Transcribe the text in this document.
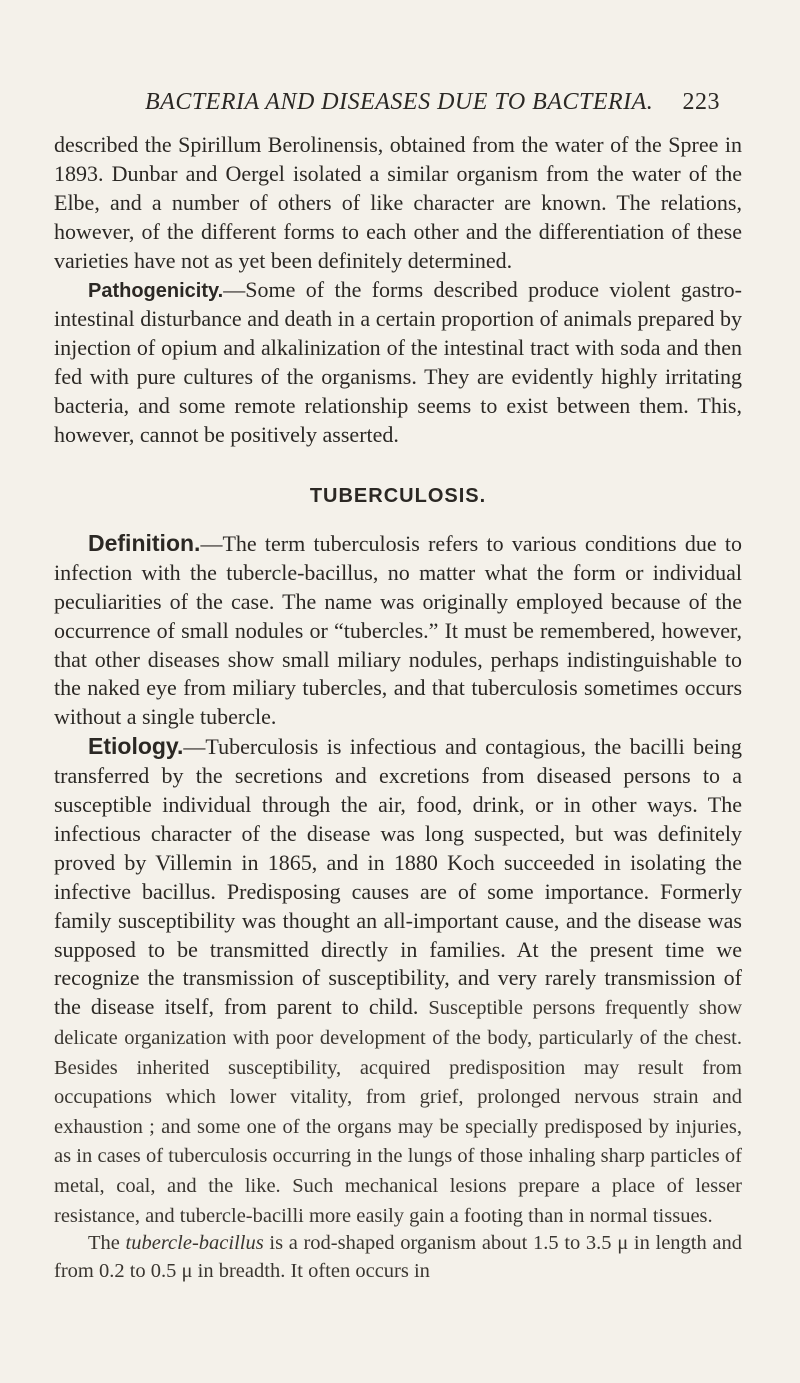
BACTERIA AND DISEASES DUE TO BACTERIA. 223

described the Spirillum Berolinensis, obtained from the water of the Spree in 1893. Dunbar and Oergel isolated a similar organism from the water of the Elbe, and a number of others of like character are known. The relations, however, of the different forms to each other and the differentiation of these varieties have not as yet been definitely determined.

Pathogenicity.—Some of the forms described produce violent gastro-intestinal disturbance and death in a certain proportion of animals prepared by injection of opium and alkalinization of the intestinal tract with soda and then fed with pure cultures of the organisms. They are evidently highly irritating bacteria, and some remote relationship seems to exist between them. This, however, cannot be positively asserted.

TUBERCULOSIS.

Definition.—The term tuberculosis refers to various conditions due to infection with the tubercle-bacillus, no matter what the form or individual peculiarities of the case. The name was originally employed because of the occurrence of small nodules or “tubercles.” It must be remembered, however, that other diseases show small miliary nodules, perhaps indistinguishable to the naked eye from miliary tubercles, and that tuberculosis sometimes occurs without a single tubercle.

Etiology.—Tuberculosis is infectious and contagious, the bacilli being transferred by the secretions and excretions from diseased persons to a susceptible individual through the air, food, drink, or in other ways. The infectious character of the disease was long suspected, but was definitely proved by Villemin in 1865, and in 1880 Koch succeeded in isolating the infective bacillus. Predisposing causes are of some importance. Formerly family susceptibility was thought an all-important cause, and the disease was supposed to be transmitted directly in families. At the present time we recognize the transmission of susceptibility, and very rarely transmission of the disease itself, from parent to child. Susceptible persons frequently show delicate organization with poor development of the body, particularly of the chest. Besides inherited susceptibility, acquired predisposition may result from occupations which lower vitality, from grief, prolonged nervous strain and exhaustion ; and some one of the organs may be specially predisposed by injuries, as in cases of tuberculosis occurring in the lungs of those inhaling sharp particles of metal, coal, and the like. Such mechanical lesions prepare a place of lesser resistance, and tubercle-bacilli more easily gain a footing than in normal tissues.

The tubercle-bacillus is a rod-shaped organism about 1.5 to 3.5 μ in length and from 0.2 to 0.5 μ in breadth. It often occurs in
